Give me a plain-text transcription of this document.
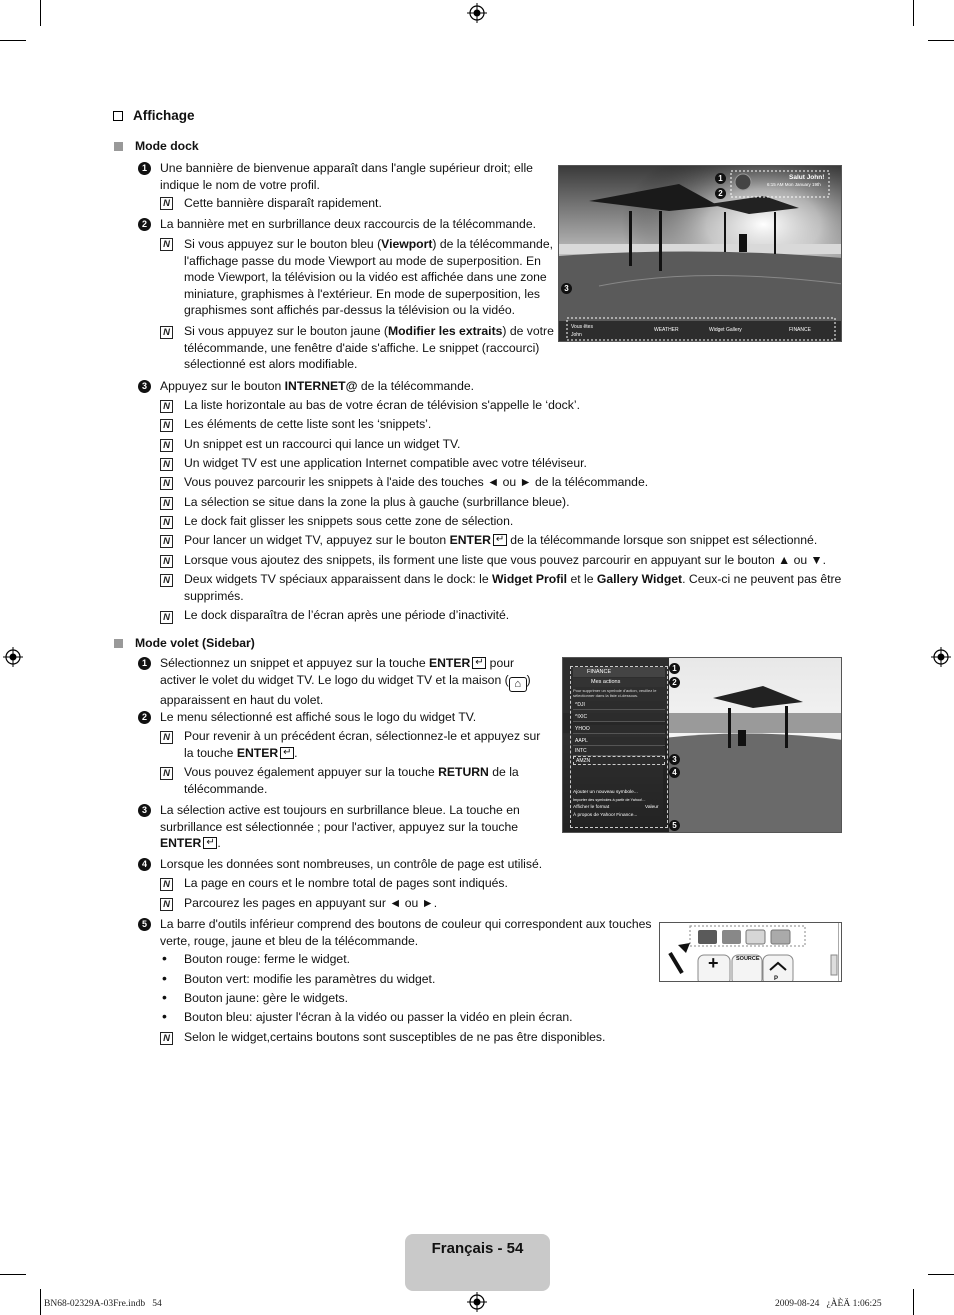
Affichage
Mode dock
1	Une bannière de bienvenue apparaît dans l'angle supérieur droit; elle indique le nom de votre profil.
N Cette bannière disparaît rapidement.
2	La bannière met en surbrillance deux raccourcis de la télécommande.
N Si vous appuyez sur le bouton bleu (Viewport) de la télécommande, l'affichage passe du mode Viewport au mode de superposition. En mode Viewport, la télévision ou la vidéo est affichée dans une zone miniature, graphismes à l'extérieur. En mode de superposition, les graphismes sont affichés par-dessus la télévision ou la vidéo.
N Si vous appuyez sur le bouton jaune (Modifier les extraits) de votre télécommande, une fenêtre d'aide s'affiche. Le snippet (raccourci) sélectionné est alors modifiable.
Salut John!
6:15 AM Mon January 19th
Vous êtes
John
WEATHER	Widget Gallery	FINANCE
1
2
3
3	Appuyez sur le bouton INTERNET@ de la télécommande.
N La liste horizontale au bas de votre écran de télévision s'appelle le ‘dock’.
N Les éléments de cette liste sont les ‘snippets’.
N Un snippet est un raccourci qui lance un widget TV.
N Un widget TV est une application Internet compatible avec votre téléviseur.
N Vous pouvez parcourir les snippets à l'aide des touches ◄ ou ► de la télécommande.
N La sélection se situe dans la zone la plus à gauche (surbrillance bleue).
N Le dock fait glisser les snippets sous cette zone de sélection.
N Pour lancer un widget TV, appuyez sur le bouton ENTER↵ de la télécommande lorsque son snippet est sélectionné.
N Lorsque vous ajoutez des snippets, ils forment une liste que vous pouvez parcourir en appuyant sur le bouton ▲ ou ▼.
N Deux widgets TV spéciaux apparaissent dans le dock: le Widget Profil et le Gallery Widget. Ceux-ci ne peuvent pas être supprimés.
N Le dock disparaîtra de l’écran après une période d’inactivité.
Mode volet (Sidebar)
1	Sélectionnez un snippet et appuyez sur la touche ENTER↵ pour activer le volet du widget TV. Le logo du widget TV et la maison ( ⌂ ) apparaissent en haut du volet.
2	Le menu sélectionné est affiché sous le logo du widget TV.
N Pour revenir à un précédent écran, sélectionnez-le et appuyez sur la touche ENTER ↵ .
N Vous pouvez également appuyer sur la touche RETURN de la télécommande.
3	La sélection active est toujours en surbrillance bleue. La touche en surbrillance est sélectionnée ; pour l'activer, appuyez sur la touche ENTER ↵ .
FINANCE
Mes actions
Pour supprimer un symbole d'action, veuillez le sélectionner dans la liste ci-dessous.
^DJI
^IXIC
YHOO
AAPL
INTC
AMZN
Ajouter un nouveau symbole...
Importer des symboles à partir de Yahoo!...
Afficher le format	Valeur
À propos de Yahoo! Finance...
1
2
3
4
5
4	Lorsque les données sont nombreuses, un contrôle de page est utilisé.
N La page en cours et le nombre total de pages sont indiqués.
N Parcourez les pages en appuyant sur ◄ ou ►.
5	La barre d'outils inférieur comprend des boutons de couleur qui correspondent aux touches verte, rouge, jaune et bleu de la télécommande.
+	SOURCE
P
• Bouton rouge: ferme le widget.
• Bouton vert: modifie les paramètres du widget.
• Bouton jaune: gère le widgets.
• Bouton bleu: ajuster l'écran à la vidéo ou passer la vidéo en plein écran.
N Selon le widget,certains boutons sont susceptibles de ne pas être disponibles.
Français - 54
BN68-02329A-03Fre.indb   54	2009-08-24   ¿ÀÈÄ 1:06:25
